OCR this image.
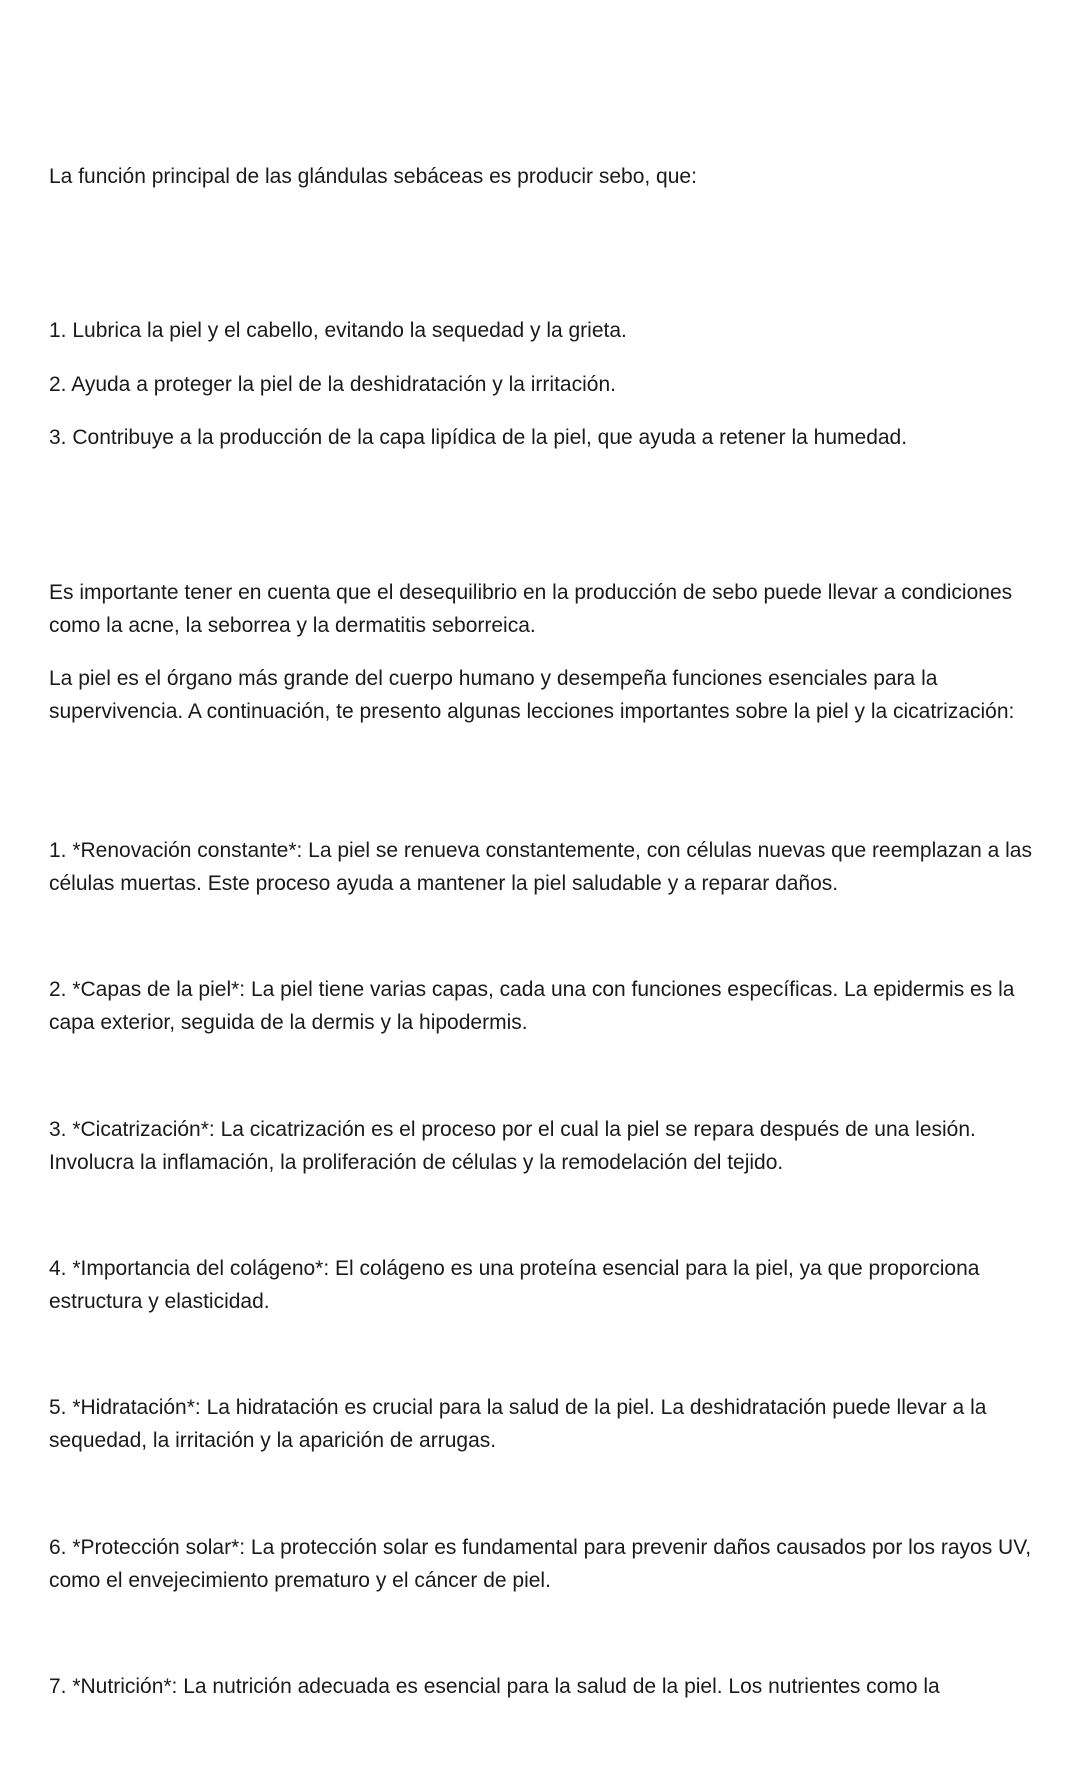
La función principal de las glándulas sebáceas es producir sebo, que:

1. Lubrica la piel y el cabello, evitando la sequedad y la grieta.

2. Ayuda a proteger la piel de la deshidratación y la irritación.

3. Contribuye a la producción de la capa lipídica de la piel, que ayuda a retener la humedad.

Es importante tener en cuenta que el desequilibrio en la producción de sebo puede llevar a condiciones como la acne, la seborrea y la dermatitis seborreica.

La piel es el órgano más grande del cuerpo humano y desempeña funciones esenciales para la supervivencia. A continuación, te presento algunas lecciones importantes sobre la piel y la cicatrización:

1. *Renovación constante*: La piel se renueva constantemente, con células nuevas que reemplazan a las células muertas. Este proceso ayuda a mantener la piel saludable y a reparar daños.

2. *Capas de la piel*: La piel tiene varias capas, cada una con funciones específicas. La epidermis es la capa exterior, seguida de la dermis y la hipodermis.

3. *Cicatrización*: La cicatrización es el proceso por el cual la piel se repara después de una lesión. Involucra la inflamación, la proliferación de células y la remodelación del tejido.

4. *Importancia del colágeno*: El colágeno es una proteína esencial para la piel, ya que proporciona estructura y elasticidad.

5. *Hidratación*: La hidratación es crucial para la salud de la piel. La deshidratación puede llevar a la sequedad, la irritación y la aparición de arrugas.

6. *Protección solar*: La protección solar es fundamental para prevenir daños causados por los rayos UV, como el envejecimiento prematuro y el cáncer de piel.

7. *Nutrición*: La nutrición adecuada es esencial para la salud de la piel. Los nutrientes como la
